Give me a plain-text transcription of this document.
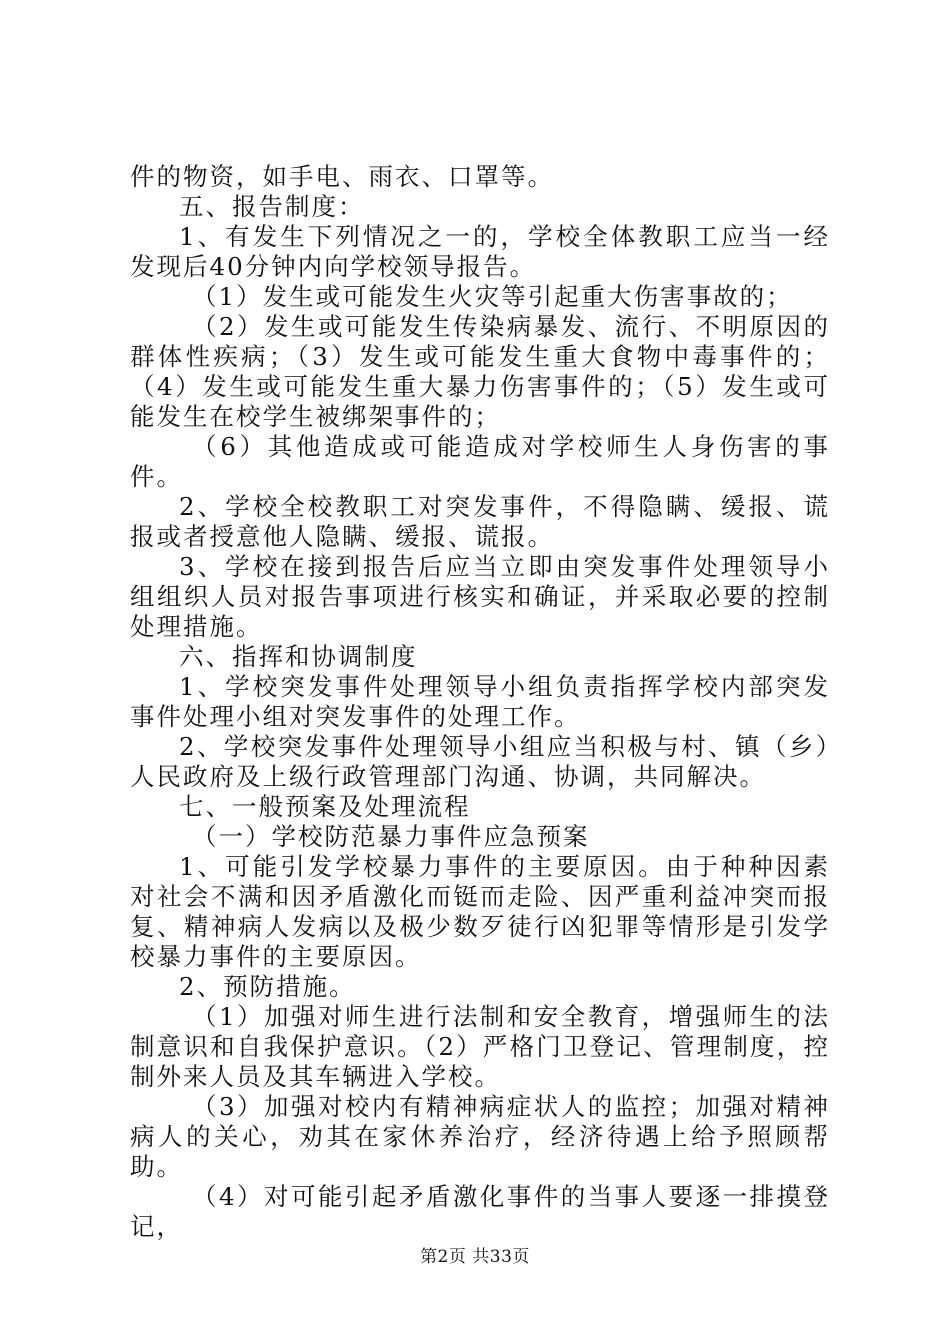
件的物资，如手电、雨衣、口罩等。

五、报告制度：

1、有发生下列情况之一的，学校全体教职工应当一经发现后40分钟内向学校领导报告。

（1）发生或可能发生火灾等引起重大伤害事故的；

（2）发生或可能发生传染病暴发、流行、不明原因的群体性疾病；（3）发生或可能发生重大食物中毒事件的；（4）发生或可能发生重大暴力伤害事件的；（5）发生或可能发生在校学生被绑架事件的；

（6）其他造成或可能造成对学校师生人身伤害的事件。

2、学校全校教职工对突发事件，不得隐瞒、缓报、谎报或者授意他人隐瞒、缓报、谎报。

3、学校在接到报告后应当立即由突发事件处理领导小组组织人员对报告事项进行核实和确证，并采取必要的控制处理措施。

六、指挥和协调制度

1、学校突发事件处理领导小组负责指挥学校内部突发事件处理小组对突发事件的处理工作。

2、学校突发事件处理领导小组应当积极与村、镇（乡）人民政府及上级行政管理部门沟通、协调，共同解决。

七、一般预案及处理流程

（一）学校防范暴力事件应急预案

1、可能引发学校暴力事件的主要原因。由于种种因素对社会不满和因矛盾激化而铤而走险、因严重利益冲突而报复、精神病人发病以及极少数歹徒行凶犯罪等情形是引发学校暴力事件的主要原因。

2、预防措施。

（1）加强对师生进行法制和安全教育，增强师生的法制意识和自我保护意识。（2）严格门卫登记、管理制度，控制外来人员及其车辆进入学校。

（3）加强对校内有精神病症状人的监控；加强对精神病人的关心，劝其在家休养治疗，经济待遇上给予照顾帮助。

（4）对可能引起矛盾激化事件的当事人要逐一排摸登记，

第2页 共33页
